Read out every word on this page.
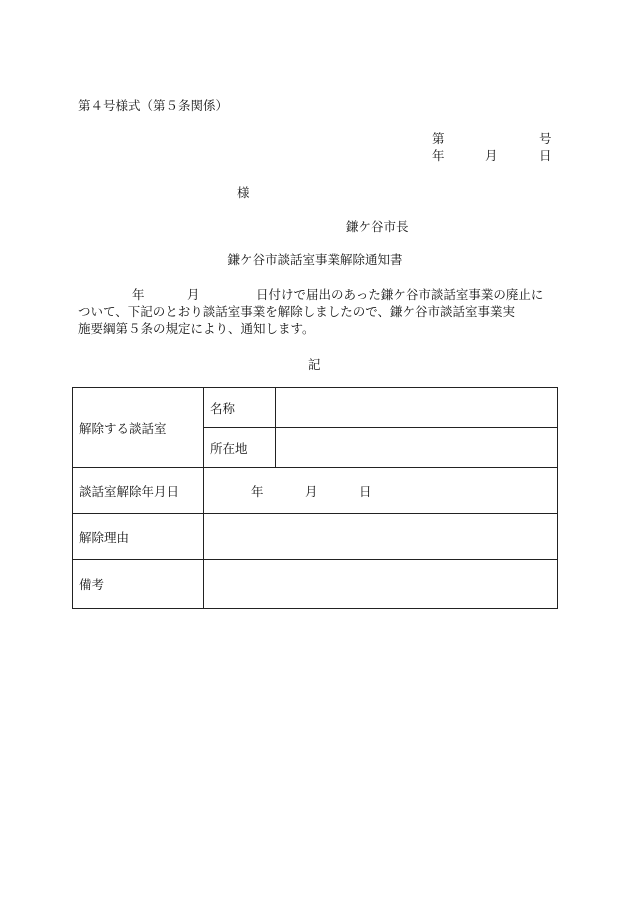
第４号様式（第５条関係）
第	号
年	月	日
様
鎌ケ谷市長
鎌ケ谷市談話室事業解除通知書
年	月	日付けで届出のあった鎌ケ谷市談話室事業の廃止に
ついて、下記のとおり談話室事業を解除しましたので、鎌ケ谷市談話室事業実
施要綱第５条の規定により、通知します。
記
解除する談話室	名称	
	所在地	
談話室解除年月日	年 月 日	

解除理由		
備考		
